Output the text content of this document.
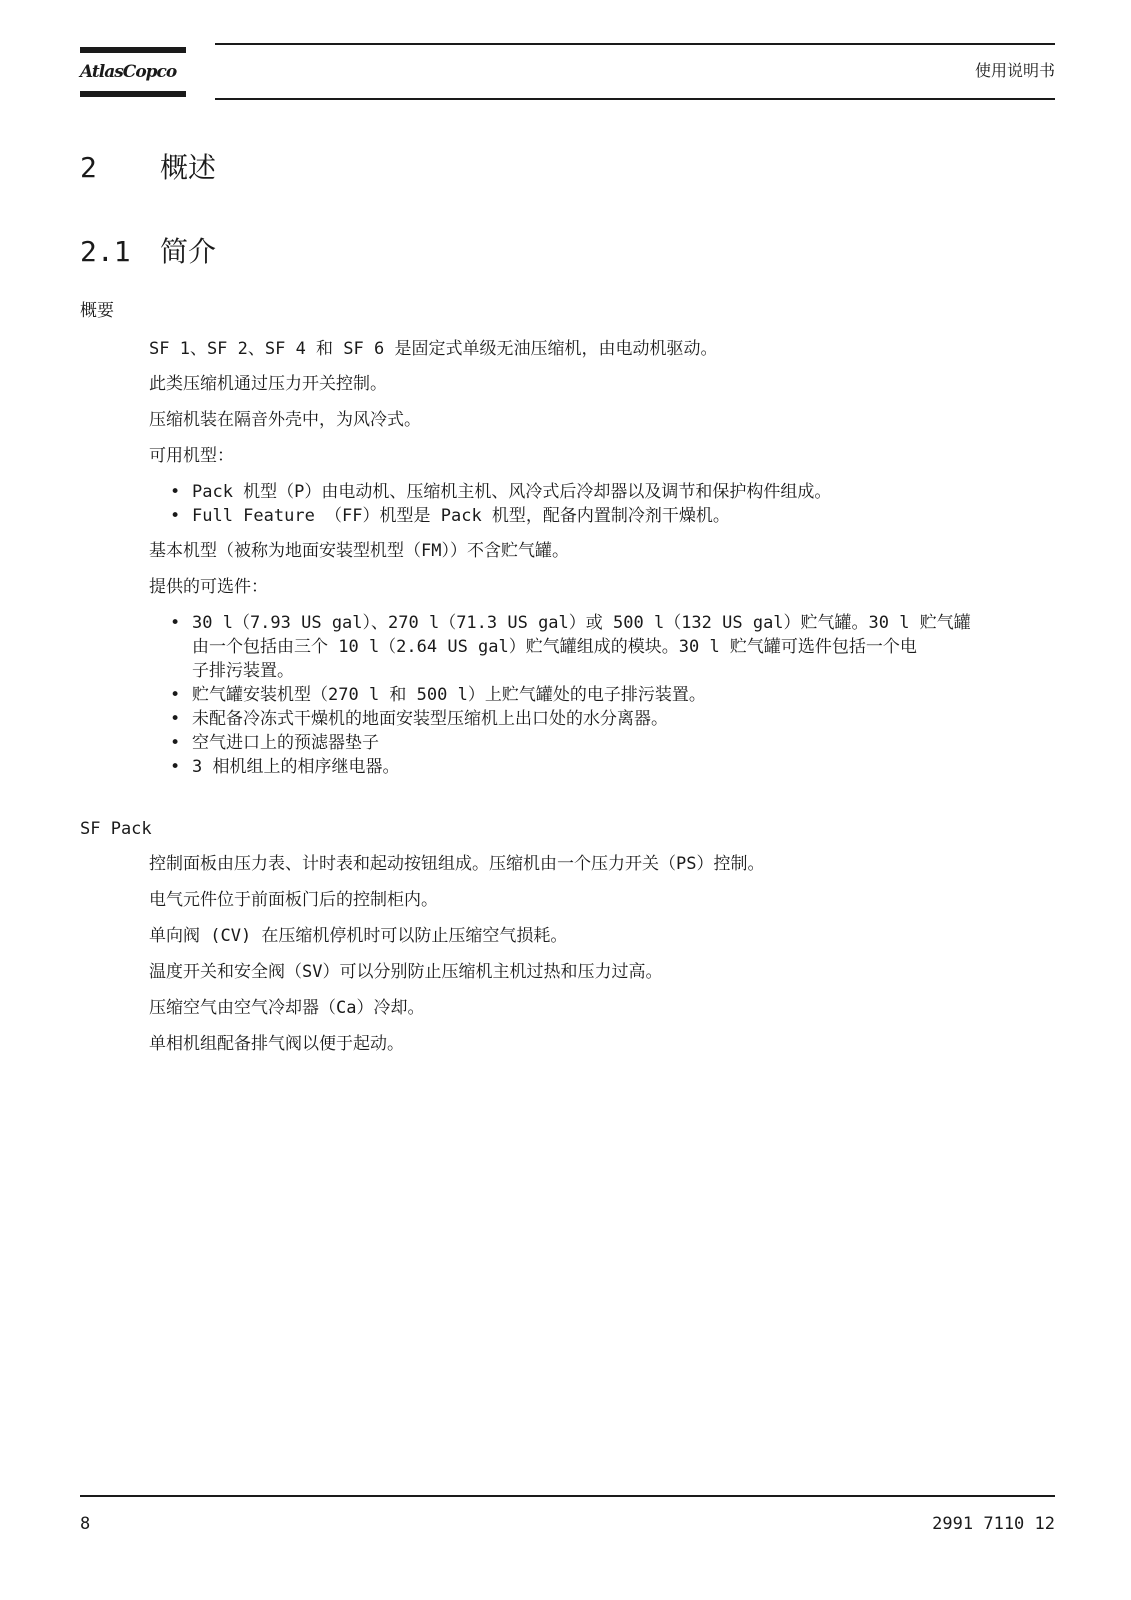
AtlasCopco	使用说明书
2 概述
2.1 简介
概要
SF 1、SF 2、SF 4 和 SF 6 是固定式单级无油压缩机，由电动机驱动。
此类压缩机通过压力开关控制。
压缩机装在隔音外壳中，为风冷式。
可用机型：
• Pack 机型（P）由电动机、压缩机主机、风冷式后冷却器以及调节和保护构件组成。
• Full Feature （FF）机型是 Pack 机型，配备内置制冷剂干燥机。
基本机型（被称为地面安装型机型（FM））不含贮气罐。
提供的可选件：
• 30 l（7.93 US gal）、270 l（71.3 US gal）或 500 l（132 US gal）贮气罐。30 l 贮气罐
由一个包括由三个 10 l（2.64 US gal）贮气罐组成的模块。30 l 贮气罐可选件包括一个电
子排污装置。
• 贮气罐安装机型（270 l 和 500 l）上贮气罐处的电子排污装置。
• 未配备冷冻式干燥机的地面安装型压缩机上出口处的水分离器。
• 空气进口上的预滤器垫子
• 3 相机组上的相序继电器。
SF Pack
控制面板由压力表、计时表和起动按钮组成。压缩机由一个压力开关（PS）控制。
电气元件位于前面板门后的控制柜内。
单向阀 (CV) 在压缩机停机时可以防止压缩空气损耗。
温度开关和安全阀（SV）可以分别防止压缩机主机过热和压力过高。
压缩空气由空气冷却器（Ca）冷却。
单相机组配备排气阀以便于起动。
8	2991 7110 12
